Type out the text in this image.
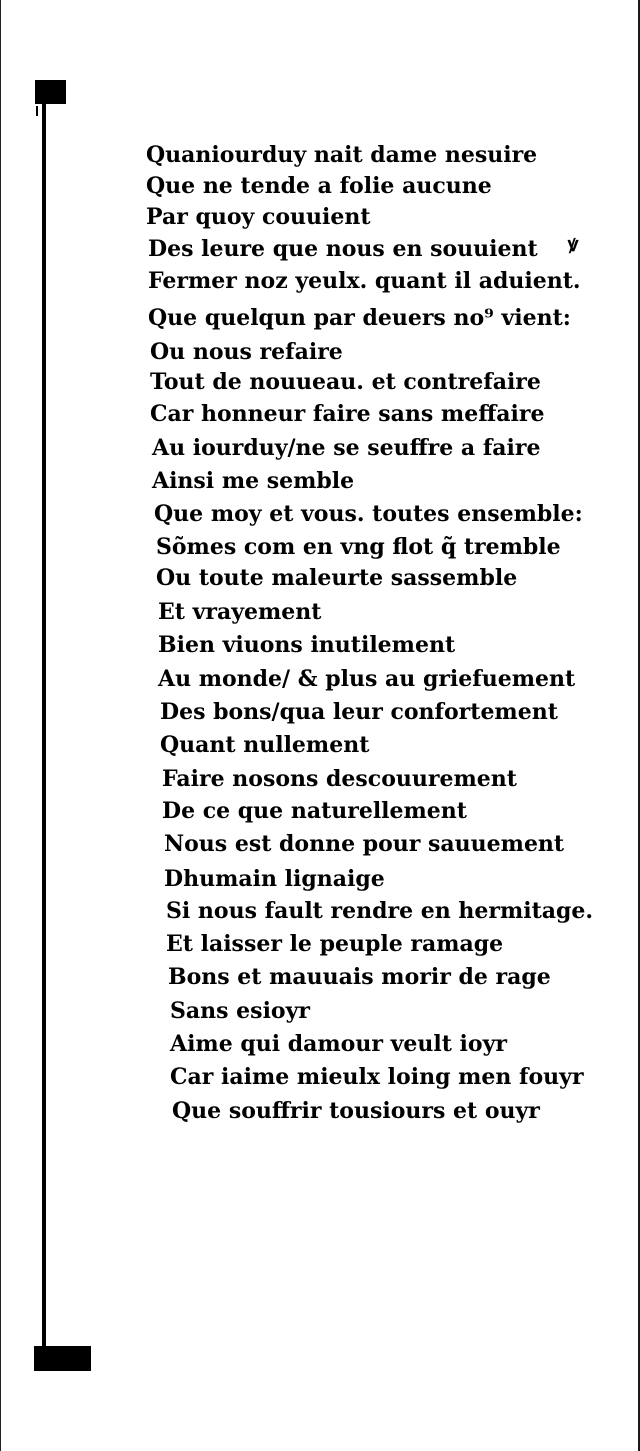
Quaniourduy nait dame nesuire
Que ne tende a folie aucune
Par quoy couuient
Des leure que nous en souuient
Fermer noz yeulx. quant il aduient.
Que quelqun par deuers no⁹ vient:
Ou nous refaire
Tout de nouueau. et contrefaire
Car honneur faire sans meffaire
Au iourduy/ne se seuffre a faire
Ainsi me semble
Que moy et vous. toutes ensemble:
Sõmes com en vng flot q̃ tremble
Ou toute maleurte sassemble
Et vrayement
Bien viuons inutilement
Au monde/ & plus au griefuement
Des bons/qua leur confortement
Quant nullement
Faire nosons descouurement
De ce que naturellement
Nous est donne pour sauuement
Dhumain lignaige
Si nous fault rendre en hermitage.
Et laisser le peuple ramage
Bons et mauuais morir de rage
Sans esioyr
Aime qui damour veult ioyr
Car iaime mieulx loing men fouyr
Que souffrir tousiours et ouyr
ꝟ
